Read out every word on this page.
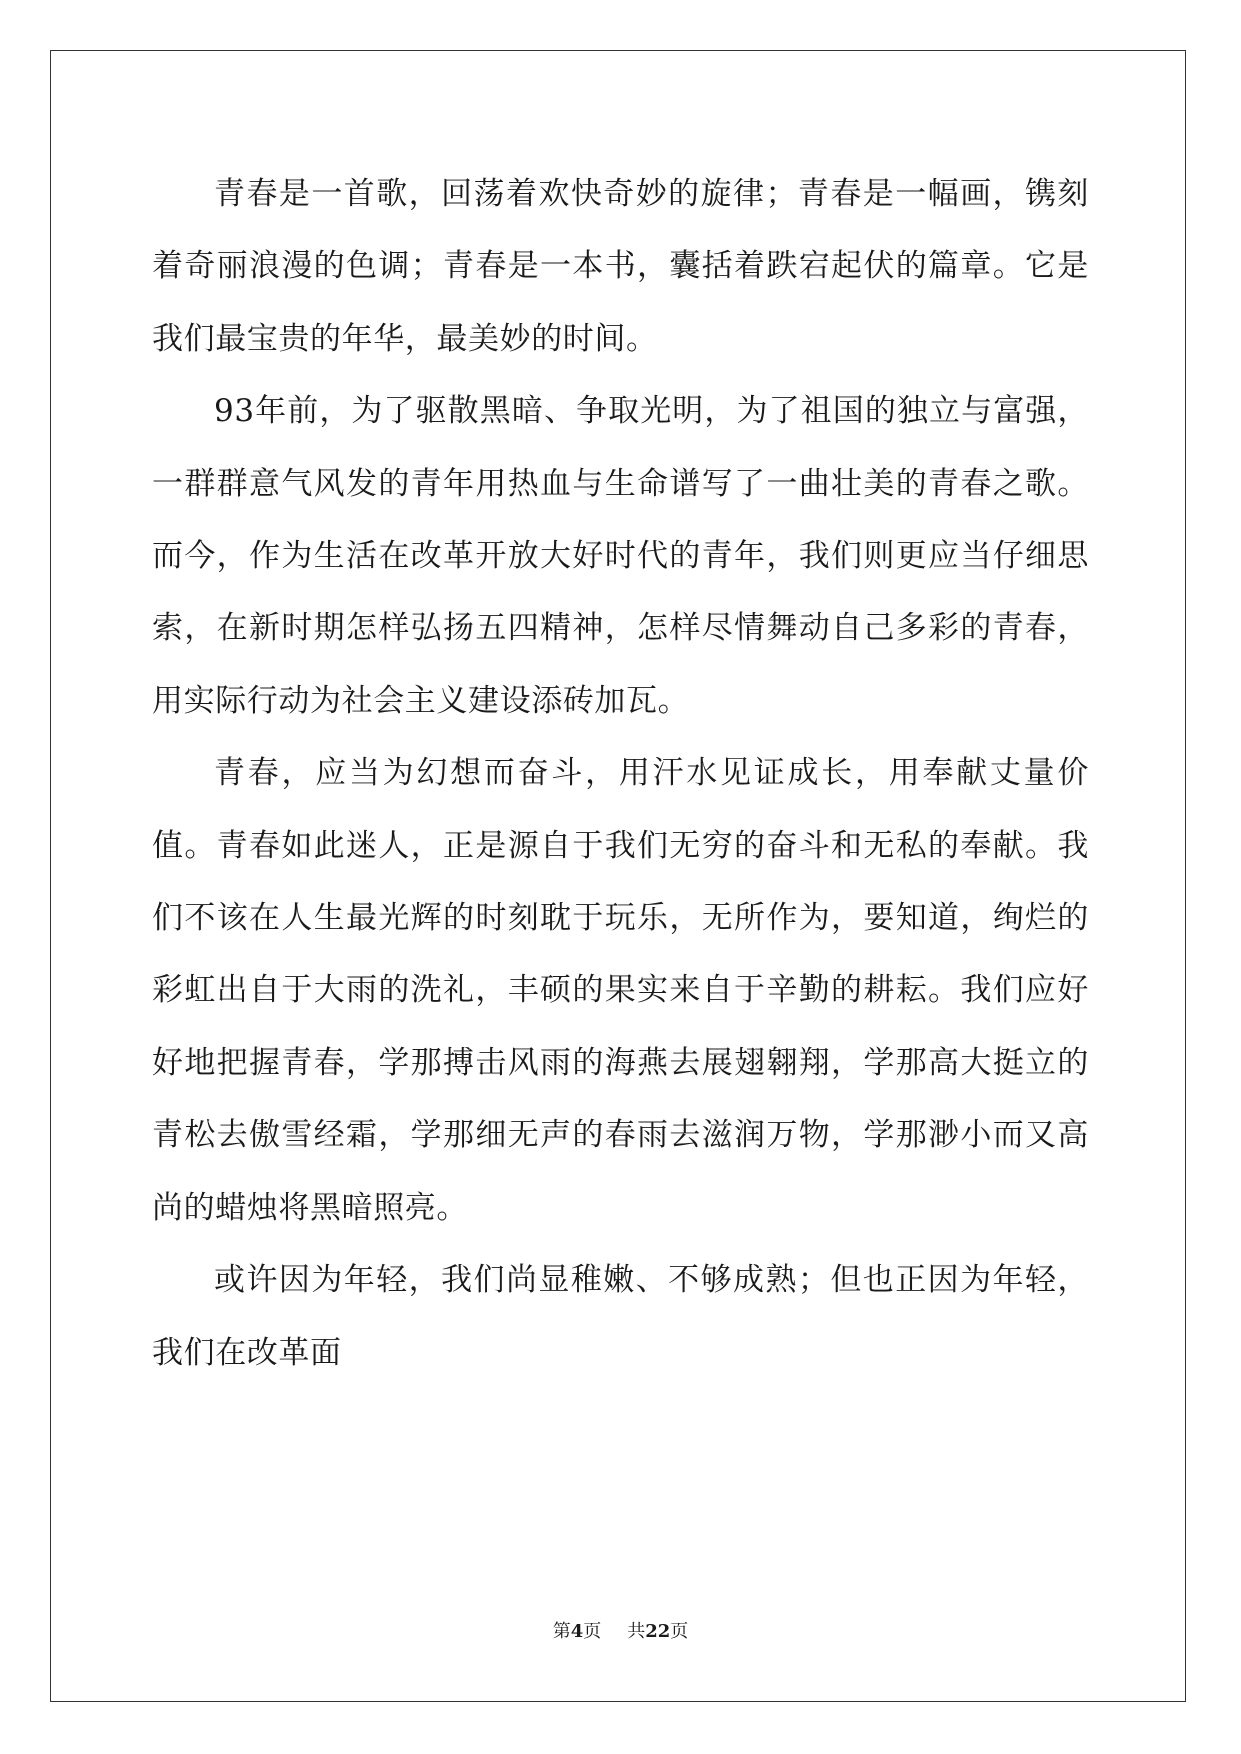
青春是一首歌，回荡着欢快奇妙的旋律；青春是一幅画，镌刻着奇丽浪漫的色调；青春是一本书，囊括着跌宕起伏的篇章。它是我们最宝贵的年华，最美妙的时间。

93年前，为了驱散黑暗、争取光明，为了祖国的独立与富强，一群群意气风发的青年用热血与生命谱写了一曲壮美的青春之歌。而今，作为生活在改革开放大好时代的青年，我们则更应当仔细思索，在新时期怎样弘扬五四精神，怎样尽情舞动自己多彩的青春，用实际行动为社会主义建设添砖加瓦。

青春，应当为幻想而奋斗，用汗水见证成长，用奉献丈量价值。青春如此迷人，正是源自于我们无穷的奋斗和无私的奉献。我们不该在人生最光辉的时刻耽于玩乐，无所作为，要知道，绚烂的彩虹出自于大雨的洗礼，丰硕的果实来自于辛勤的耕耘。我们应好好地把握青春，学那搏击风雨的海燕去展翅翱翔，学那高大挺立的青松去傲雪经霜，学那细无声的春雨去滋润万物，学那渺小而又高尚的蜡烛将黑暗照亮。

或许因为年轻，我们尚显稚嫩、不够成熟；但也正因为年轻，我们在改革面

第4页 共22页
